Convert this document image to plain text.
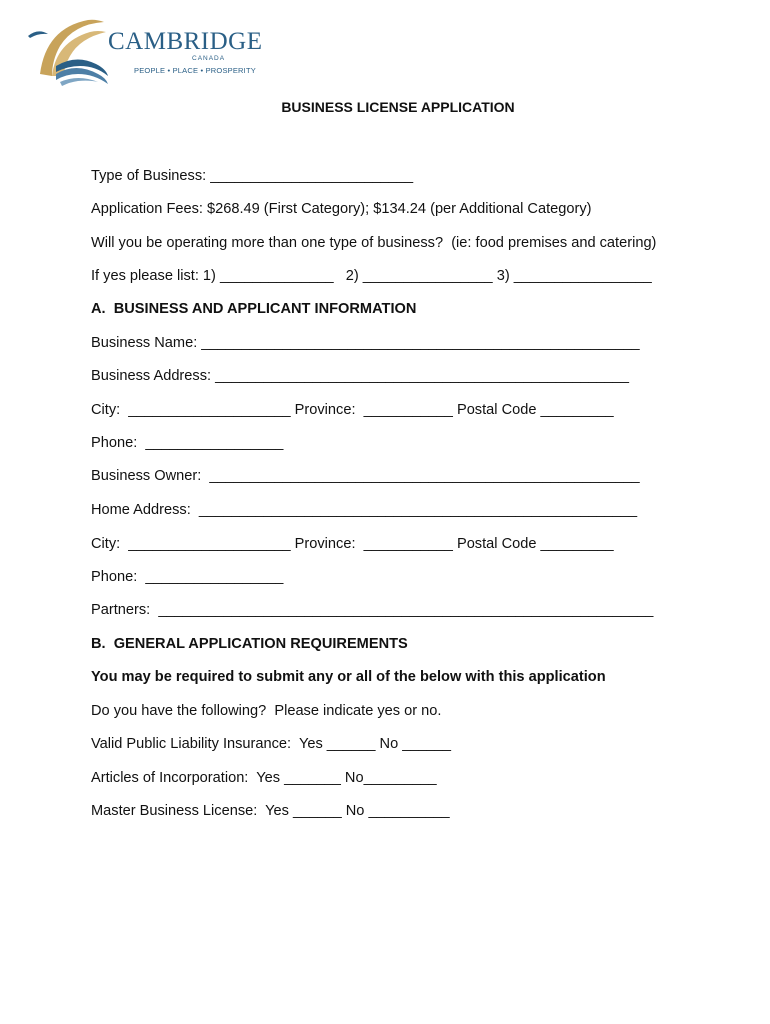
CAMBRIDGE
CANADA
PEOPLE • PLACE • PROSPERITY
BUSINESS LICENSE APPLICATION
Type of Business: _________________________
Application Fees: $268.49 (First Category); $134.24 (per Additional Category)
Will you be operating more than one type of business?  (ie: food premises and catering)
If yes please list: 1) ______________   2) ________________ 3) _________________
A.  BUSINESS AND APPLICANT INFORMATION
Business Name: ______________________________________________________
Business Address: ___________________________________________________
City:  ____________________ Province:  ___________ Postal Code _________
Phone:  _________________
Business Owner:  _____________________________________________________
Home Address:  ______________________________________________________
City:  ____________________ Province:  ___________ Postal Code _________
Phone:  _________________
Partners:  _____________________________________________________________
B.  GENERAL APPLICATION REQUIREMENTS
You may be required to submit any or all of the below with this application
Do you have the following?  Please indicate yes or no.
Valid Public Liability Insurance:  Yes ______ No ______
Articles of Incorporation:  Yes _______ No_________
Master Business License:  Yes ______ No __________
